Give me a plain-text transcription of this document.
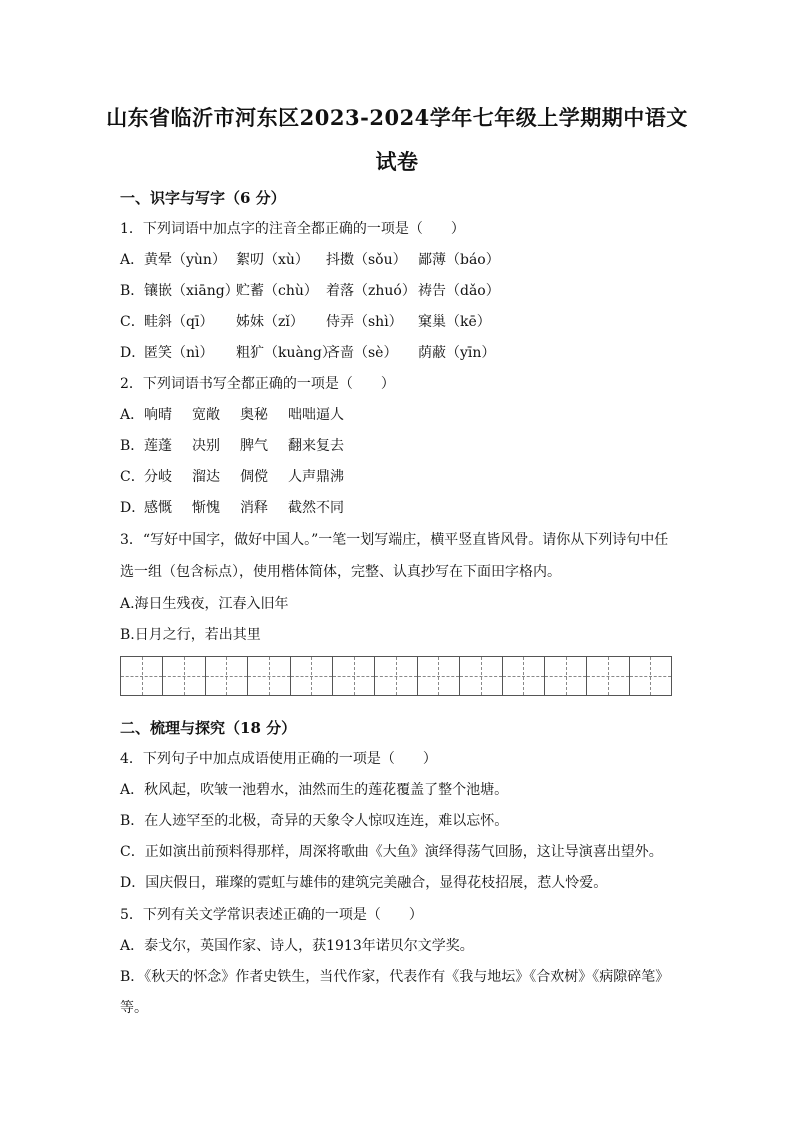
山东省临沂市河东区2023-2024学年七年级上学期期中语文
试卷
一、识字与写字（6 分）
1．下列词语中加点字的注音全都正确的一项是（　　）
A．黄晕（yùn） 絮叨（xù） 抖擞（sǒu） 鄙薄（báo）
B．镶嵌（xiāng）贮蓄（chù） 着落（zhuó） 祷告（dǎo）
C．畦斜（qī） 姊妹（zǐ） 侍弄（shì） 窠巢（kē）
D．匿笑（nì） 粗犷（kuàng）吝啬（sè） 荫蔽（yīn）
2．下列词语书写全都正确的一项是（　　）
A．响晴 宽敞 奥秘 咄咄逼人
B．莲蓬 决别 脾气 翻来复去
C．分岐 溜达 倜傥 人声鼎沸
D．感慨 惭愧 消释 截然不同
3．“写好中国字，做好中国人。”一笔一划写端庄，横平竖直皆风骨。请你从下列诗句中任
选一组（包含标点），使用楷体简体，完整、认真抄写在下面田字格内。
A.海日生残夜，江春入旧年
B.日月之行，若出其里
二、梳理与探究（18 分）
4．下列句子中加点成语使用正确的一项是（　　）
A．秋风起，吹皱一池碧水，油然而生的莲花覆盖了整个池塘。
B．在人迹罕至的北极，奇异的天象令人惊叹连连，难以忘怀。
C．正如演出前预料得那样，周深将歌曲《大鱼》演绎得荡气回肠，这让导演喜出望外。
D．国庆假日，璀璨的霓虹与雄伟的建筑完美融合，显得花枝招展，惹人怜爱。
5．下列有关文学常识表述正确的一项是（　　）
A．泰戈尔，英国作家、诗人，获1913年诺贝尔文学奖。
B．《秋天的怀念》作者史铁生，当代作家，代表作有《我与地坛》《合欢树》《病隙碎笔》
等。
